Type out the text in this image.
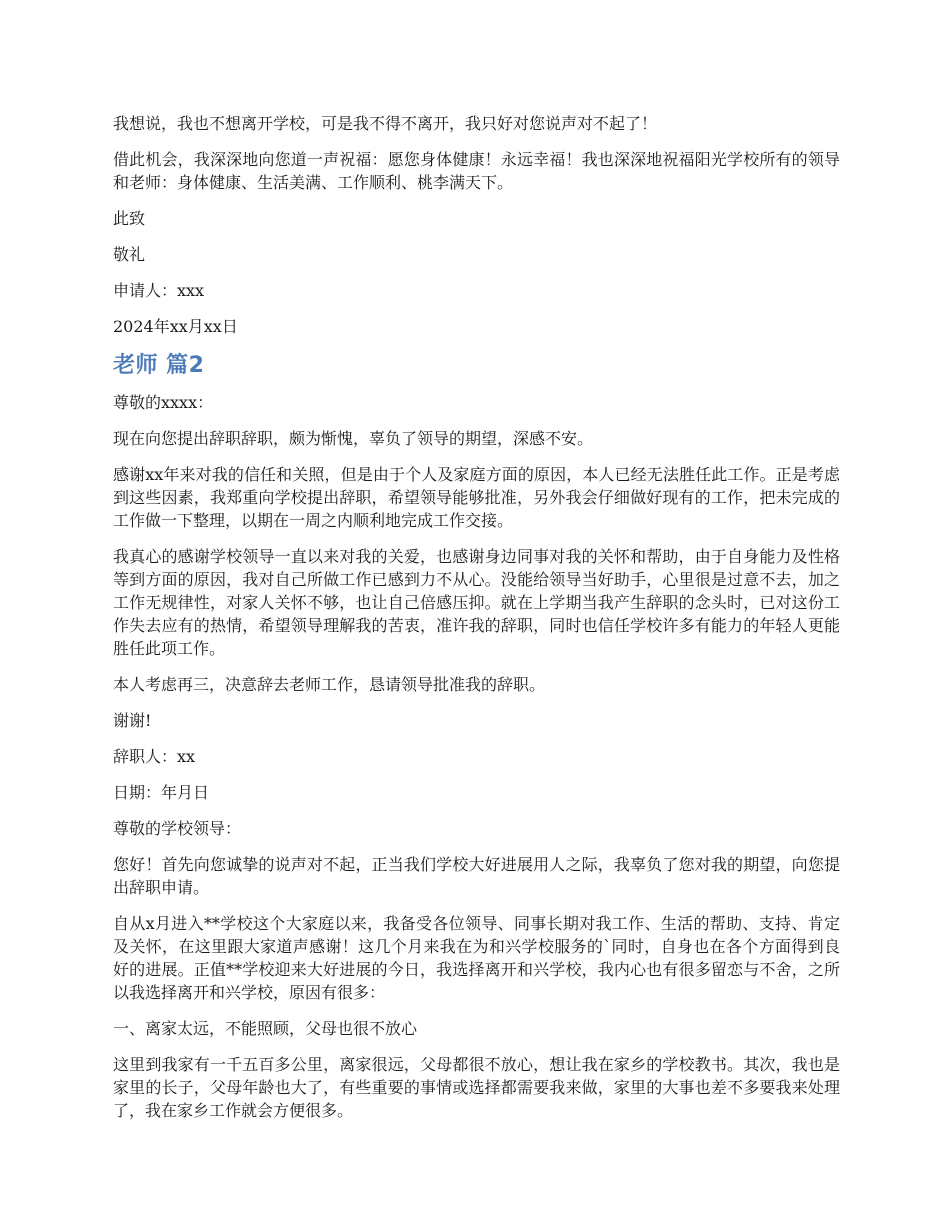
我想说，我也不想离开学校，可是我不得不离开，我只好对您说声对不起了！

借此机会，我深深地向您道一声祝福：愿您身体健康！永远幸福！我也深深地祝福阳光学校所有的领导和老师：身体健康、生活美满、工作顺利、桃李满天下。

此致

敬礼

申请人：xxx

2024年xx月xx日

老师 篇2

尊敬的xxxx：

现在向您提出辞职辞职，颇为惭愧，辜负了领导的期望，深感不安。

感谢xx年来对我的信任和关照，但是由于个人及家庭方面的原因，本人已经无法胜任此工作。正是考虑到这些因素，我郑重向学校提出辞职，希望领导能够批准，另外我会仔细做好现有的工作，把未完成的工作做一下整理，以期在一周之内顺利地完成工作交接。

我真心的感谢学校领导一直以来对我的关爱，也感谢身边同事对我的关怀和帮助，由于自身能力及性格等到方面的原因，我对自己所做工作已感到力不从心。没能给领导当好助手，心里很是过意不去，加之工作无规律性，对家人关怀不够，也让自己倍感压抑。就在上学期当我产生辞职的念头时，已对这份工作失去应有的热情，希望领导理解我的苦衷，准许我的辞职，同时也信任学校许多有能力的年轻人更能胜任此项工作。

本人考虑再三，决意辞去老师工作，恳请领导批准我的辞职。

谢谢!

辞职人：xx

日期：年月日

尊敬的学校领导：

您好！首先向您诚挚的说声对不起，正当我们学校大好进展用人之际，我辜负了您对我的期望，向您提出辞职申请。

自从x月进入**学校这个大家庭以来，我备受各位领导、同事长期对我工作、生活的帮助、支持、肯定及关怀，在这里跟大家道声感谢！这几个月来我在为和兴学校服务的`同时，自身也在各个方面得到良好的进展。正值**学校迎来大好进展的今日，我选择离开和兴学校，我内心也有很多留恋与不舍，之所以我选择离开和兴学校，原因有很多：

一、离家太远，不能照顾，父母也很不放心

这里到我家有一千五百多公里，离家很远，父母都很不放心，想让我在家乡的学校教书。其次，我也是家里的长子，父母年龄也大了，有些重要的事情或选择都需要我来做，家里的大事也差不多要我来处理了，我在家乡工作就会方便很多。
